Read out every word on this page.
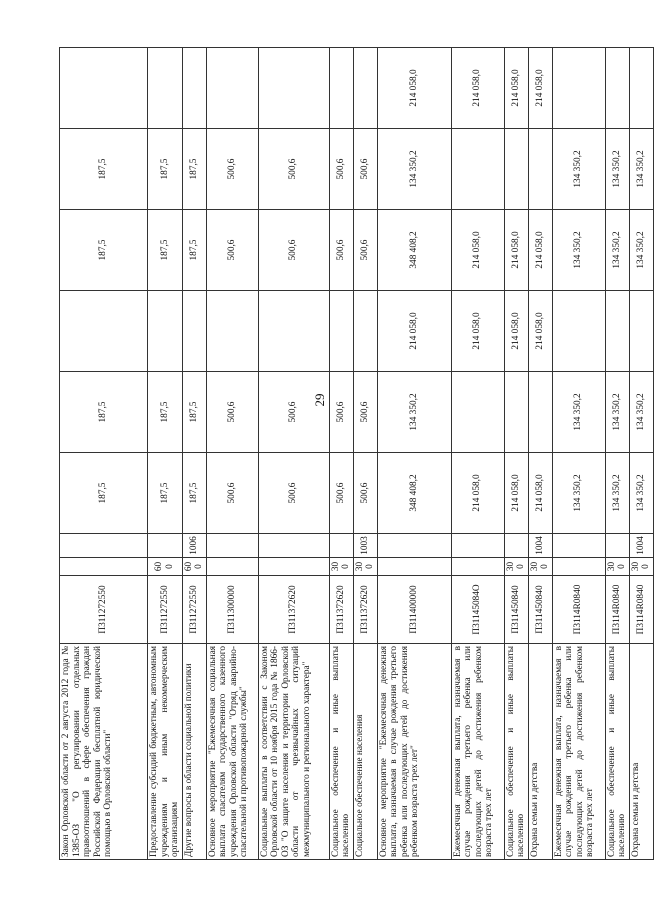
29
Закон Орловской области от 2 августа 2012 года № 1385-ОЗ "О регулировании отдельных правоотношений в сфере обеспечения граждан Российской Федерации бесплатной юридической помощью в Орловской области"	П311272550			187,5	187,5		187,5	187,5	
Предоставление субсидий бюджетным, автономным учреждениям и иным некоммерческим организациям	П311272550	600		187,5	187,5		187,5	187,5	
Другие вопросы в области социальной политики	П311272550	600	1006	187,5	187,5		187,5	187,5	
Основное мероприятие "Ежемесячная социальная выплата спасателям государственного казенного учреждения Орловской области "Отряд аварийно-спасательной и противопожарной службы"	П311300000			500,6	500,6		500,6	500,6	
Социальные выплаты в соответствии с Законом Орловской области от 10 ноября 2015 года № 1866-ОЗ "О защите населения и территории Орловской области от чрезвычайных ситуаций межмуниципального и регионального характера"	П311372620			500,6	500,6		500,6	500,6	
Социальное обеспечение и иные выплаты населению	П311372620	300		500,6	500,6		500,6	500,6	
Социальное обеспечение населения	П311372620	300	1003	500,6	500,6		500,6	500,6	
Основное мероприятие "Ежемесячная денежная выплата, назначаемая в случае рождения третьего ребенка или последующих детей до достижения ребенком возраста трех лет"	П311400000			348 408,2	134 350,2	214 058,0	348 408,2	134 350,2	214 058,0
Ежемесячная денежная выплата, назначаемая в случае рождения третьего ребенка или последующих детей до достижения ребенком возраста трех лет	П31145084О			214 058,0		214 058,0	214 058,0		214 058,0
Социальное обеспечение и иные выплаты населению	П311450840	300		214 058,0		214 058,0	214 058,0		214 058,0
Охрана семьи и детства	П311450840	300	1004	214 058,0		214 058,0	214 058,0		214 058,0
Ежемесячная денежная выплата, назначаемая в случае рождения третьего ребенка или последующих детей до достижения ребенком возраста трех лет	П3114R0840			134 350,2	134 350,2		134 350,2	134 350,2	
Социальное обеспечение и иные выплаты населению	П3114R0840	300		134 350,2	134 350,2		134 350,2	134 350,2	
Охрана семьи и детства	П3114R0840	300	1004	134 350,2	134 350,2		134 350,2	134 350,2	
